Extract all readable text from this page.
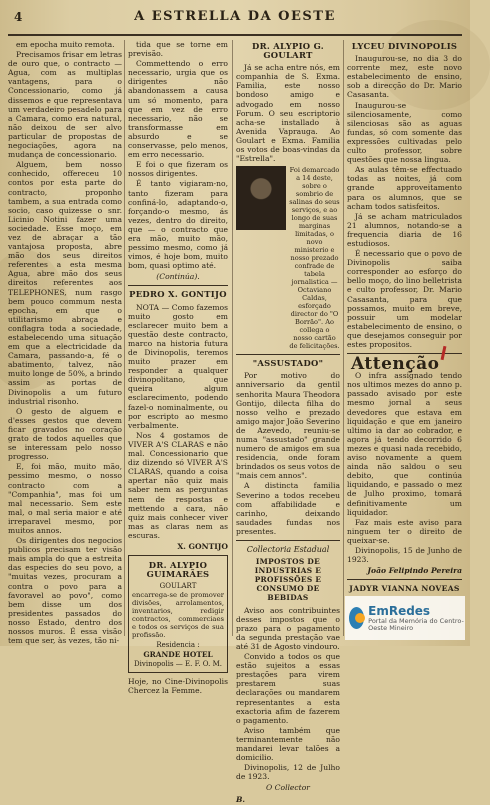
4	A ESTRELLA DA OESTE

em epocha muito remota.

Precisamos frisar em letras de ouro que, o contracto — Agua, com as multiplas vantagens, para o Concessionario, como já dissemos e que representava um verdadeiro pesadelo para a Camara, como era natural, não deixou de ser alvo particular de propostas de negociações, agora na mudança de concessionario.

Alguem, bem nosso conhecido, offereceu 10 contos por esta parte do contracto, proponho tambem, a sua entrada como socio, caso quizesse o snr. Licinio Notini fazer uma sociedade. Esse moço, em vez de abraçar a tão vantajosa proposta, abre mão dos seus direitos referentes a esta mesma Agua, abre mão dos seus direitos referentes aos TELEPHONES, num rasgo bem pouco commum nesta epocha, em que o utilitarismo abraça e conflagra toda a sociedade, estabelecendo uma situação em que a electricidade da Camara, passando-a, fé o abatimento, talvez, não muito longe de 50%, a brindo assim as portas de Divinopolis a um futuro industrial risonho.

O gesto de alguem e d'esses gestos que devem ficar gravados no coração grato de todos aquelles que se interessam pelo nosso progresso.

E, foi mão, muito mão, pessimo mesmo, o nosso contracto com a "Companhia", mas foi um mal necessario. Sem este mal, o mal seria maior e até irreparavel mesmo, por muitos annos.

Os dirigentes dos negocios publicos precisam ter visão mais ampla do que a estreita das especies do seu povo, a "muitas vezes, procuram a contra o povo para a favoravel ao povo", como bem disse um dos presidentes passados do nosso Estado, dentro dos nossos muros. É essa visão tem que ser, às vezes, tão ni-

tida que se torne em previsão.

Commettendo o erro necessario, urgia que os dirigentes não abandonassem a causa um só momento, para que em vez de erro necessario, não se transformasse em absurdo e se conservasse, pelo menos, em erro necessario.

E foi o que fizeram os nossos dirigentes.

É tanto vigiaram-no, tanto fizeram para confiná-lo, adaptando-o, forçando-o mesmo, ás vezes, dentro do direito, que — o contracto que era mão, muito mão, pessimo mesmo, como já vimos, é hoje bom, muito bom, quasi optimo até.

(Continúa).
PEDRO X. GONTIJO

NOTA — Como fazemos muito gosto em esclarecer muito bem a questão deste contracto, marco na historia futura de Divinopolis, teremos muito prazer em responder a qualquer divinopolitano, que queira algum esclarecimento, podendo fazel-o nominalmente, ou por escripto ao mesmo verbalmente.

Nos 4 gostamos de VIVER A'S CLARAS e não mal. Concessionario que diz dizendo só VIVER A'S CLARAS, quando a coisa apertar não quiz mais saber nem as perguntas nem de respostas e mettendo a cara, não quiz mais conhecer viver mas as claras nem as escuras.

X. GONTIJO
DR. ALYPIO GUIMARÃES
GOULART
encarrega-se de promover divisões, arrolamentos, inventarios, redigir contractos, commerciaes e todos os serviços de sua profissão.
Residencia :
GRANDE HOTEL
Divinopolis — E. F. O. M.
Hoje, no Cine-Divinopolis Chercez la Femme.
DR. ALYPIO G. GOULART

Já se acha entre nós, em companhia de S. Exma. Familia, este nosso bondoso amigo e advogado em nosso Forum. O seu escriptorio acha-se installado à Avenida Vaprauga. Ao Goulart e Exma. Familia os votos de boas-vindas da "Estrella".

Foi demarcado a 14 deste, sobre o sombrio de salinas do seus serviços, e ao longo de suas marginas limitadas, o novo ministerio e nosso prezado confrade de tabela jornalistica — Octaviano Caldas, esforçado director do "O Borrão". Ao collega o nosso cartão de felicitações.
"ASSUSTADO"

Por motivo do anniversario da gentil senhorita Maura Theodora Gontijo, dilecta filha do nosso velho e prezado amigo major João Severino de Azevedo, reuniu-se numa "assustado" grande numero de amigos em sua residencia, onde foram brindados os seus votos de "mais cem annos".

A distincta familia Severino a todos recebeu com affabilidade e carinho, deixando saudades fundas nos presentes.

Collectoria Estadual
IMPOSTOS DE INDUSTRIAS E PROFISSÕES E CONSUMO DE BEBIDAS

Aviso aos contribuintes desses impostos que o prazo para o pagamento da segunda prestação vae até 31 de Agosto vindouro.

Convido a todos os que estão sujeitos a essas prestações para virem prestarem suas declarações ou mandarem representantes a esta exactoria afim de fazerem o pagamento.

Aviso também que terminantemente não mandarei levar talões a domicilio.

Divinopolis, 12 de Julho de 1923.

O Collector
B.
LYCEU DIVINOPOLIS

Inaugurou-se, no dia 3 do corrente mez, este novo estabelecimento de ensino, sob a direcção do Dr. Mario Casasanta.

Inaugurou-se silenciosamente, como silenciosas são as aguas fundas, só com somente das expressões cultivadas pelo culto professor, sobre questões que nossa lingua.

As aulas têm-se effectuado todas as noites, já com grande approveitamento para os alumnos, que se acham todos satisfeitos.

Já se acham matriculados 21 alumnos, notando-se a frequencia diaria de 16 estudiosos.

É necessario que o povo de Divinopolis saiba corresponder ao esforço do bello moço, do lino belletrista e culto professor, Dr. Mario Casasanta, para que possamos, muito em breve, possuir um modelar estabelecimento de ensino, o que desejamos conseguir por estes propositos.

Attenção

O infra assignado tendo nos ultimos mezes do anno p. passado avisado por este mesmo jornal a seus devedores que estava em liquidação e que em janeiro ultimo ia dar ao cobrador, e agora já tendo decorrido 6 mezes e quasi nada recebido, aviso novamente a quem ainda não saldou o seu debito, que continúa liquidando, e passado o mez de Julho proximo, tomará definitivamente um liquidador.

Faz mais este aviso para ninguem ter o direito de queixar-se.

Divinopolis, 15 de Junho de 1923.

João Felipindo Pereira
JADYR VIANNA NOVEAS
EmRedes
Portal da Memória do Centro-Oeste Mineiro
